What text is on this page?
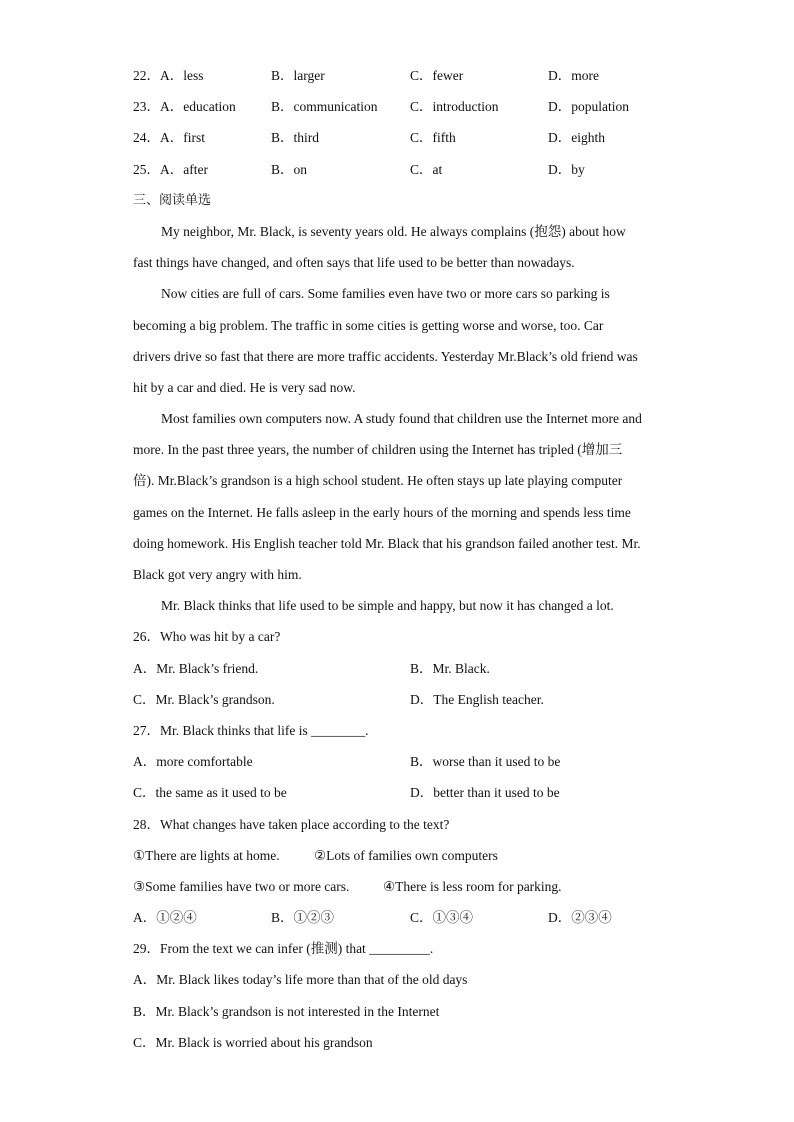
22．A．less	B．larger	C．fewer	D．more
23．A．education	B．communication C．introduction	D．population
24．A．first	B．third	C．fifth	D．eighth
25．A．after	B．on	C．at	D．by
三、阅读单选
My neighbor, Mr. Black, is seventy years old. He always complains (抱怨) about how
fast things have changed, and often says that life used to be better than nowadays.
Now cities are full of cars. Some families even have two or more cars so parking is
becoming a big problem. The traffic in some cities is getting worse and worse, too. Car
drivers drive so fast that there are more traffic accidents. Yesterday Mr.Black’s old friend was
hit by a car and died. He is very sad now.
Most families own computers now. A study found that children use the Internet more and
more. In the past three years, the number of children using the Internet has tripled (增加三
倍). Mr.Black’s grandson is a high school student. He often stays up late playing computer
games on the Internet. He falls asleep in the early hours of the morning and spends less time
doing homework. His English teacher told Mr. Black that his grandson failed another test. Mr.
Black got very angry with him.
Mr. Black thinks that life used to be simple and happy, but now it has changed a lot.
26．Who was hit by a car?
A．Mr. Black’s friend.	B．Mr. Black.
C．Mr. Black’s grandson.	D．The English teacher.
27．Mr. Black thinks that life is ________.
A．more comfortable	B．worse than it used to be
C．the same as it used to be	D．better than it used to be
28．What changes have taken place according to the text?
①There are lights at home.	②Lots of families own computers
③Some families have two or more cars. ④There is less room for parking.
A．①②④	B．①②③	C．①③④	D．②③④
29．From the text we can infer (推测) that _________.
A．Mr. Black likes today’s life more than that of the old days
B．Mr. Black’s grandson is not interested in the Internet
C．Mr. Black is worried about his grandson
